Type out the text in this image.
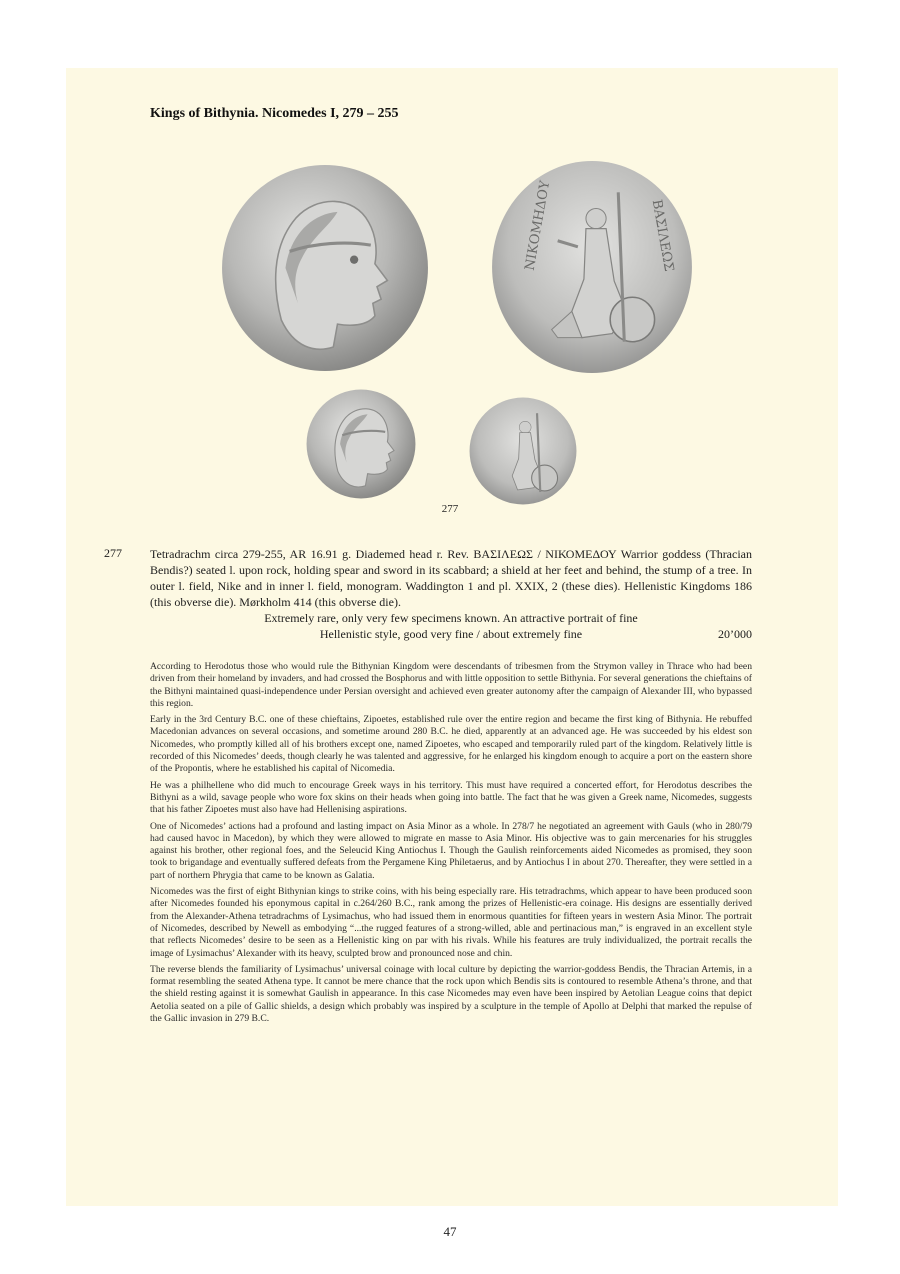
Kings of Bithynia. Nicomedes I, 279 – 255
ΝΙΚΟΜΗΔΟΥ	ΒΑΣΙΛΕΩΣ
277
277 Tetradrachm circa 279-255, AR 16.91 g. Diademed head r. Rev. ΒΑΣΙΛΕΩΣ / ΝΙΚΟΜΕΔΟΥ Warrior goddess (Thracian Bendis?) seated l. upon rock, holding spear and sword in its scabbard; a shield at her feet and behind, the stump of a tree. In outer l. field, Nike and in inner l. field, monogram. Waddington 1 and pl. XXIX, 2 (these dies). Hellenistic Kingdoms 186 (this obverse die). Mørkholm 414 (this obverse die).
Extremely rare, only very few specimens known. An attractive portrait of fine
Hellenistic style, good very fine / about extremely fine	20’000

According to Herodotus those who would rule the Bithynian Kingdom were descendants of tribesmen from the Strymon valley in Thrace who had been driven from their homeland by invaders, and had crossed the Bosphorus and with little opposition to settle Bithynia. For several generations the chieftains of the Bithyni maintained quasi-independence under Persian oversight and achieved even greater autonomy after the campaign of Alexander III, who bypassed this region.

Early in the 3rd Century B.C. one of these chieftains, Zipoetes, established rule over the entire region and became the first king of Bithynia. He rebuffed Macedonian advances on several occasions, and sometime around 280 B.C. he died, apparently at an advanced age. He was succeeded by his eldest son Nicomedes, who promptly killed all of his brothers except one, named Zipoetes, who escaped and temporarily ruled part of the kingdom. Relatively little is recorded of this Nicomedes’ deeds, though clearly he was talented and aggressive, for he enlarged his kingdom enough to acquire a port on the eastern shore of the Propontis, where he established his capital of Nicomedia.

He was a philhellene who did much to encourage Greek ways in his territory. This must have required a concerted effort, for Herodotus describes the Bithyni as a wild, savage people who wore fox skins on their heads when going into battle. The fact that he was given a Greek name, Nicomedes, suggests that his father Zipoetes must also have had Hellenising aspirations.

One of Nicomedes’ actions had a profound and lasting impact on Asia Minor as a whole. In 278/7 he negotiated an agreement with Gauls (who in 280/79 had caused havoc in Macedon), by which they were allowed to migrate en masse to Asia Minor. His objective was to gain mercenaries for his struggles against his brother, other regional foes, and the Seleucid King Antiochus I. Though the Gaulish reinforcements aided Nicomedes as promised, they soon took to brigandage and eventually suffered defeats from the Pergamene King Philetaerus, and by Antiochus I in about 270. Thereafter, they were settled in a part of northern Phrygia that came to be known as Galatia.

Nicomedes was the first of eight Bithynian kings to strike coins, with his being especially rare. His tetradrachms, which appear to have been produced soon after Nicomedes founded his eponymous capital in c.264/260 B.C., rank among the prizes of Hellenistic-era coinage. His designs are essentially derived from the Alexander-Athena tetradrachms of Lysimachus, who had issued them in enormous quantities for fifteen years in western Asia Minor. The portrait of Nicomedes, described by Newell as embodying “...the rugged features of a strong-willed, able and pertinacious man,” is engraved in an excellent style that reflects Nicomedes’ desire to be seen as a Hellenistic king on par with his rivals. While his features are truly individualized, the portrait recalls the image of Lysimachus’ Alexander with its heavy, sculpted brow and pronounced nose and chin.

The reverse blends the familiarity of Lysimachus’ universal coinage with local culture by depicting the warrior-goddess Bendis, the Thracian Artemis, in a format resembling the seated Athena type. It cannot be mere chance that the rock upon which Bendis sits is contoured to resemble Athena’s throne, and that the shield resting against it is somewhat Gaulish in appearance. In this case Nicomedes may even have been inspired by Aetolian League coins that depict Aetolia seated on a pile of Gallic shields, a design which probably was inspired by a sculpture in the temple of Apollo at Delphi that marked the repulse of the Gallic invasion in 279 B.C.

47
